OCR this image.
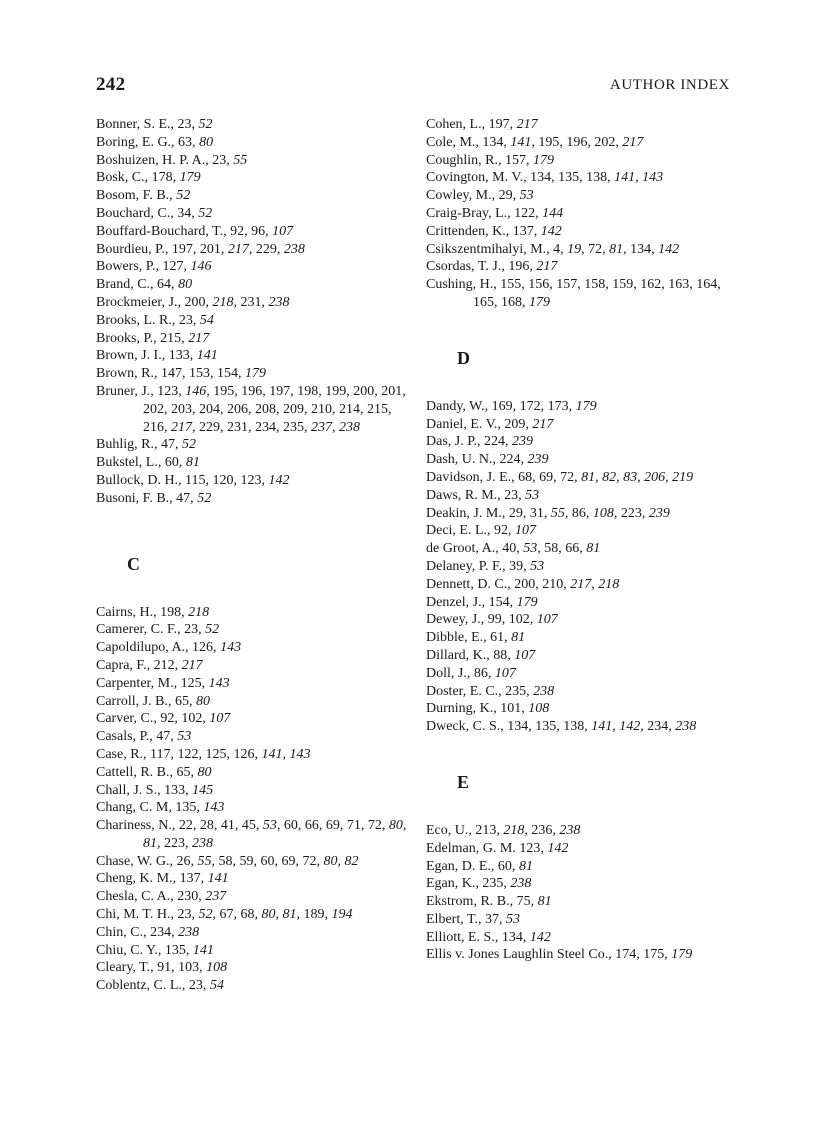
242	AUTHOR INDEX
Bonner, S. E., 23, 52
Boring, E. G., 63, 80
Boshuizen, H. P. A., 23, 55
Bosk, C., 178, 179
Bosom, F. B., 52
Bouchard, C., 34, 52
Bouffard-Bouchard, T., 92, 96, 107
Bourdieu, P., 197, 201, 217, 229, 238
Bowers, P., 127, 146
Brand, C., 64, 80
Brockmeier, J., 200, 218, 231, 238
Brooks, L. R., 23, 54
Brooks, P., 215, 217
Brown, J. I., 133, 141
Brown, R., 147, 153, 154, 179
Bruner, J., 123, 146, 195, 196, 197, 198, 199, 200, 201, 202, 203, 204, 206, 208, 209, 210, 214, 215, 216, 217, 229, 231, 234, 235, 237, 238
Buhlig, R., 47, 52
Bukstel, L., 60, 81
Bullock, D. H., 115, 120, 123, 142
Busoni, F. B., 47, 52
C
Cairns, H., 198, 218
Camerer, C. F., 23, 52
Capoldilupo, A., 126, 143
Capra, F., 212, 217
Carpenter, M., 125, 143
Carroll, J. B., 65, 80
Carver, C., 92, 102, 107
Casals, P., 47, 53
Case, R., 117, 122, 125, 126, 141, 143
Cattell, R. B., 65, 80
Chall, J. S., 133, 145
Chang, C. M, 135, 143
Chariness, N., 22, 28, 41, 45, 53, 60, 66, 69, 71, 72, 80, 81, 223, 238
Chase, W. G., 26, 55, 58, 59, 60, 69, 72, 80, 82
Cheng, K. M., 137, 141
Chesla, C. A., 230, 237
Chi, M. T. H., 23, 52, 67, 68, 80, 81, 189, 194
Chin, C., 234, 238
Chiu, C. Y., 135, 141
Cleary, T., 91, 103, 108
Coblentz, C. L., 23, 54
Cohen, L., 197, 217
Cole, M., 134, 141, 195, 196, 202, 217
Coughlin, R., 157, 179
Covington, M. V., 134, 135, 138, 141, 143
Cowley, M., 29, 53
Craig-Bray, L., 122, 144
Crittenden, K., 137, 142
Csikszentmihalyi, M., 4, 19, 72, 81, 134, 142
Csordas, T. J., 196, 217
Cushing, H., 155, 156, 157, 158, 159, 162, 163, 164, 165, 168, 179
D
Dandy, W., 169, 172, 173, 179
Daniel, E. V., 209, 217
Das, J. P., 224, 239
Dash, U. N., 224, 239
Davidson, J. E., 68, 69, 72, 81, 82, 83, 206, 219
Daws, R. M., 23, 53
Deakin, J. M., 29, 31, 55, 86, 108, 223, 239
Deci, E. L., 92, 107
de Groot, A., 40, 53, 58, 66, 81
Delaney, P. F., 39, 53
Dennett, D. C., 200, 210, 217, 218
Denzel, J., 154, 179
Dewey, J., 99, 102, 107
Dibble, E., 61, 81
Dillard, K., 88, 107
Doll, J., 86, 107
Doster, E. C., 235, 238
Durning, K., 101, 108
Dweck, C. S., 134, 135, 138, 141, 142, 234, 238
E
Eco, U., 213, 218, 236, 238
Edelman, G. M. 123, 142
Egan, D. E., 60, 81
Egan, K., 235, 238
Ekstrom, R. B., 75, 81
Elbert, T., 37, 53
Elliott, E. S., 134, 142
Ellis v. Jones Laughlin Steel Co., 174, 175, 179
